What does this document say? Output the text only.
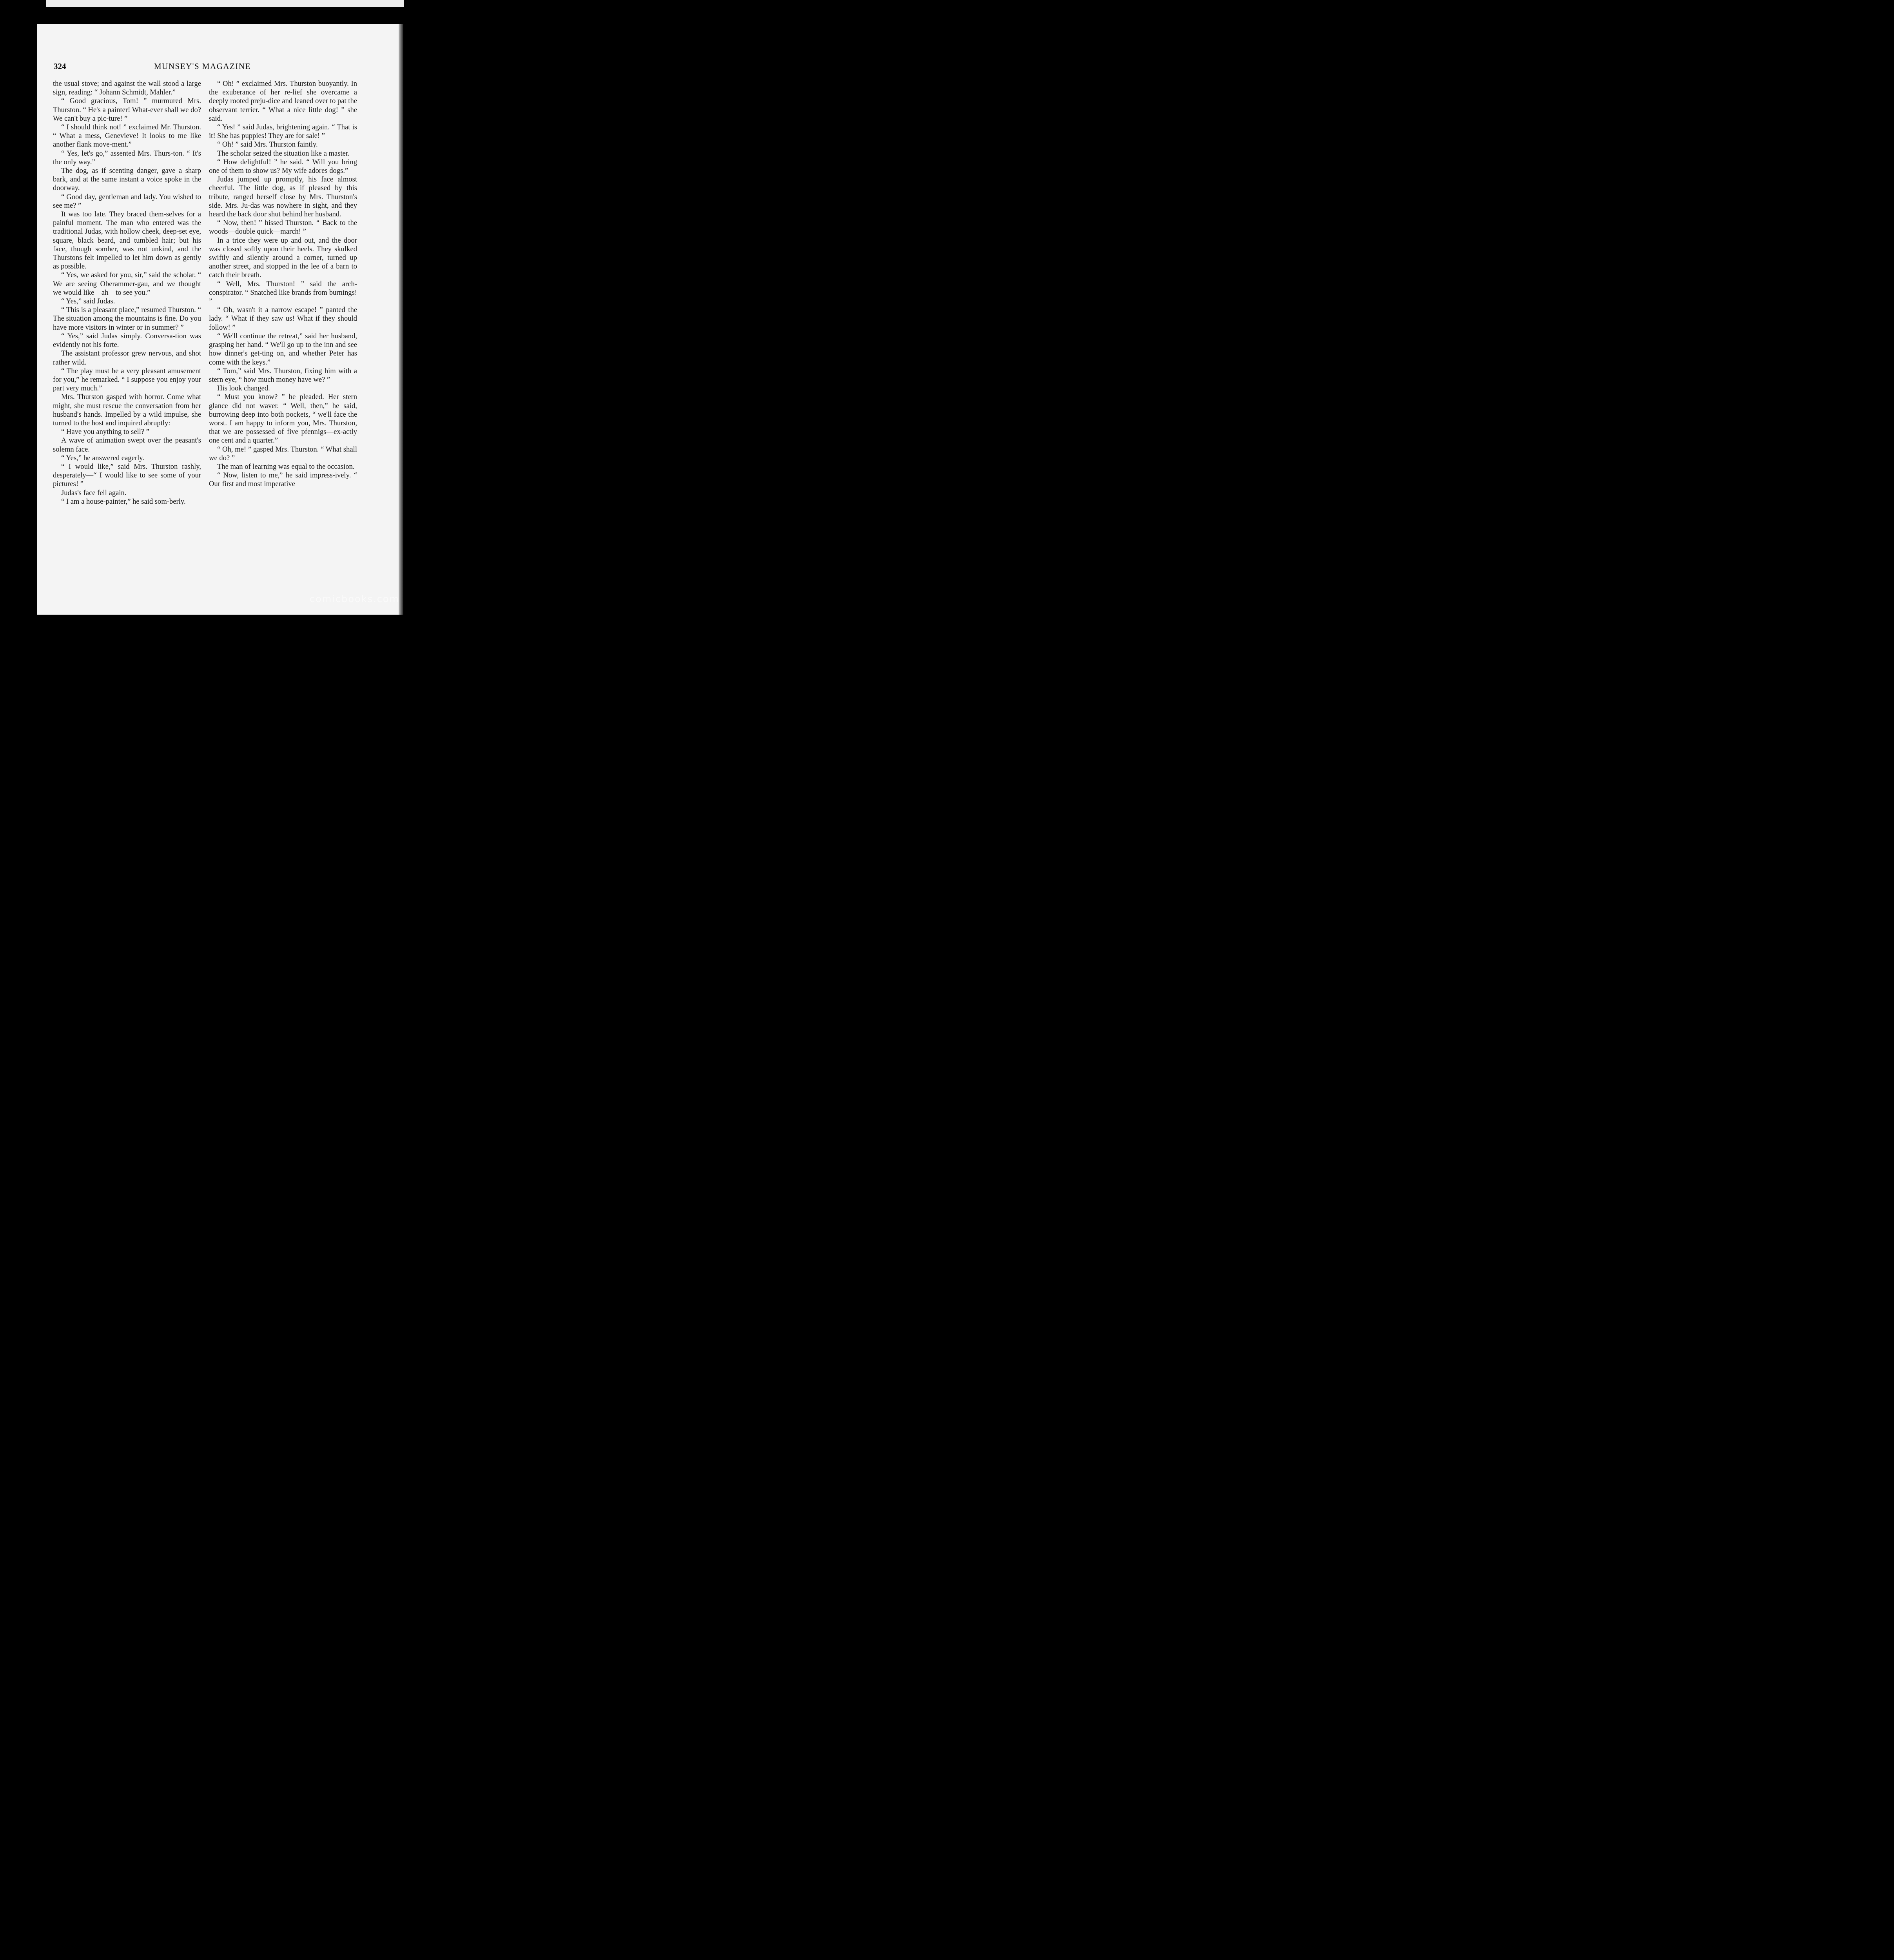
324	MUNSEY'S MAGAZINE

the usual stove; and against the wall stood a large sign, reading: “ Johann Schmidt, Mahler.”

“ Good gracious, Tom! ” murmured Mrs. Thurston. “ He's a painter! What-ever shall we do? We can't buy a pic-ture! ”

“ I should think not! ” exclaimed Mr. Thurston. “ What a mess, Genevieve! It looks to me like another flank move-ment.”

“ Yes, let's go,” assented Mrs. Thurs-ton. “ It's the only way.”

The dog, as if scenting danger, gave a sharp bark, and at the same instant a voice spoke in the doorway.

“ Good day, gentleman and lady. You wished to see me? ”

It was too late. They braced them-selves for a painful moment. The man who entered was the traditional Judas, with hollow cheek, deep-set eye, square, black beard, and tumbled hair; but his face, though somber, was not unkind, and the Thurstons felt impelled to let him down as gently as possible.

“ Yes, we asked for you, sir,” said the scholar. “ We are seeing Oberammer-gau, and we thought we would like—ah—to see you.”

“ Yes,” said Judas.

“ This is a pleasant place,” resumed Thurston. “ The situation among the mountains is fine. Do you have more visitors in winter or in summer? ”

“ Yes,” said Judas simply. Conversa-tion was evidently not his forte.

The assistant professor grew nervous, and shot rather wild.

“ The play must be a very pleasant amusement for you,” he remarked. “ I suppose you enjoy your part very much.”

Mrs. Thurston gasped with horror. Come what might, she must rescue the conversation from her husband's hands. Impelled by a wild impulse, she turned to the host and inquired abruptly:

“ Have you anything to sell? ”

A wave of animation swept over the peasant's solemn face.

“ Yes,” he answered eagerly.

“ I would like,” said Mrs. Thurston rashly, desperately—“ I would like to see some of your pictures! ”

Judas's face fell again.

“ I am a house-painter,” he said som-berly.

“ Oh! ” exclaimed Mrs. Thurston buoyantly. In the exuberance of her re-lief she overcame a deeply rooted preju-dice and leaned over to pat the observant terrier. “ What a nice little dog! ” she said.

“ Yes! ” said Judas, brightening again. “ That is it! She has puppies! They are for sale! ”

“ Oh! ” said Mrs. Thurston faintly.

The scholar seized the situation like a master.

“ How delightful! ” he said. “ Will you bring one of them to show us? My wife adores dogs.”

Judas jumped up promptly, his face almost cheerful. The little dog, as if pleased by this tribute, ranged herself close by Mrs. Thurston's side. Mrs. Ju-das was nowhere in sight, and they heard the back door shut behind her husband.

“ Now, then! ” hissed Thurston. “ Back to the woods—double quick—march! ”

In a trice they were up and out, and the door was closed softly upon their heels. They skulked swiftly and silently around a corner, turned up another street, and stopped in the lee of a barn to catch their breath.

“ Well, Mrs. Thurston! ” said the arch-conspirator. “ Snatched like brands from burnings! ”

“ Oh, wasn't it a narrow escape! ” panted the lady. “ What if they saw us! What if they should follow! ”

“ We'll continue the retreat,” said her husband, grasping her hand. “ We'll go up to the inn and see how dinner's get-ting on, and whether Peter has come with the keys.”

“ Tom,” said Mrs. Thurston, fixing him with a stern eye, “ how much money have we? ”

His look changed.

“ Must you know? ” he pleaded. Her stern glance did not waver. “ Well, then,” he said, burrowing deep into both pockets, “ we'll face the worst. I am happy to inform you, Mrs. Thurston, that we are possessed of five pfennigs—ex-actly one cent and a quarter.”

“ Oh, me! ” gasped Mrs. Thurston. “ What shall we do? ”

The man of learning was equal to the occasion.

“ Now, listen to me,” he said impress-ively. “ Our first and most imperative

comicbooks.com
